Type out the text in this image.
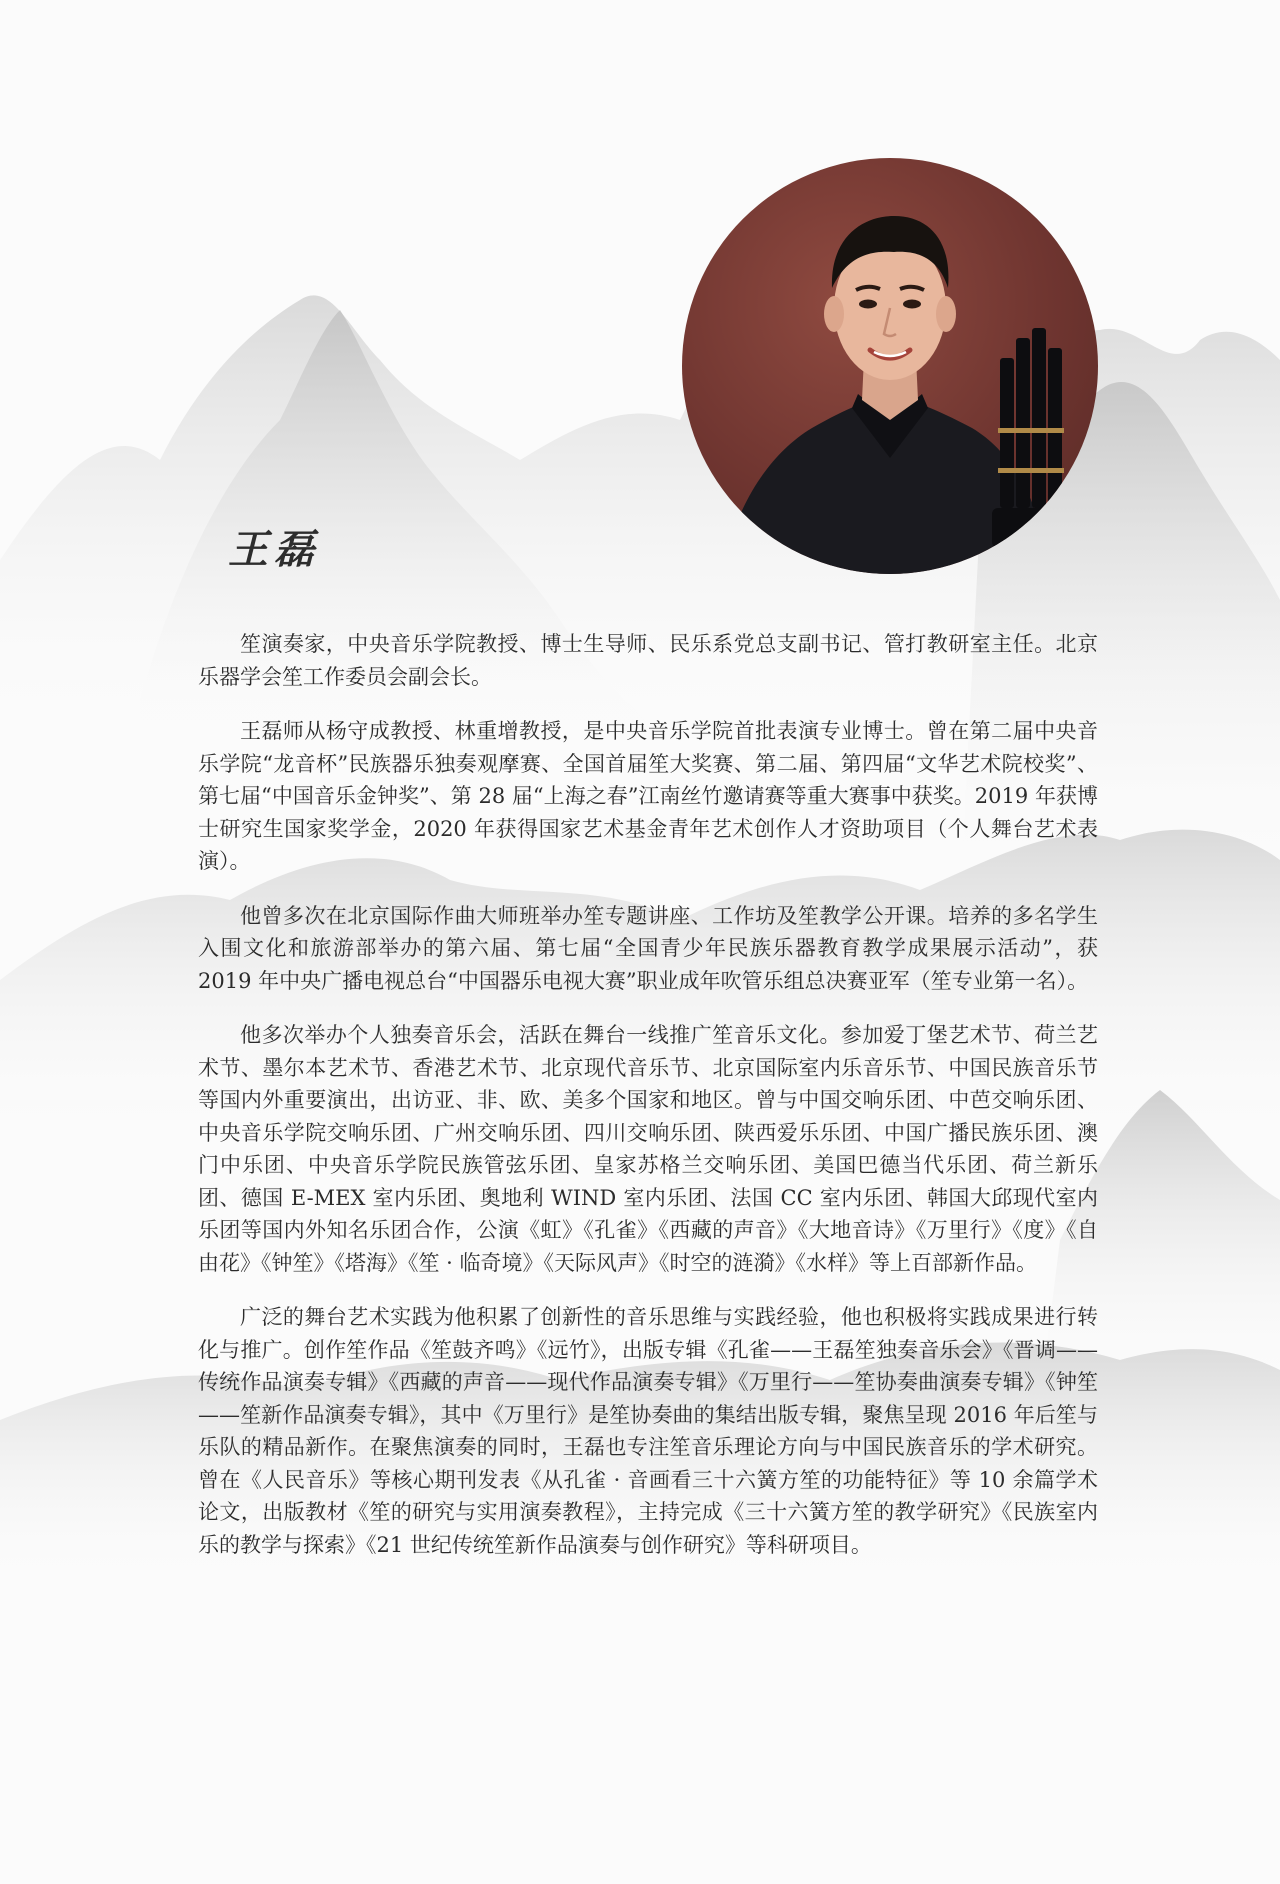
王磊

笙演奏家，中央音乐学院教授、博士生导师、民乐系党总支副书记、管打教研室主任。北京乐器学会笙工作委员会副会长。

王磊师从杨守成教授、林重增教授，是中央音乐学院首批表演专业博士。曾在第二届中央音乐学院“龙音杯”民族器乐独奏观摩赛、全国首届笙大奖赛、第二届、第四届“文华艺术院校奖”、第七届“中国音乐金钟奖”、第 28 届“上海之春”江南丝竹邀请赛等重大赛事中获奖。2019 年获博士研究生国家奖学金，2020 年获得国家艺术基金青年艺术创作人才资助项目（个人舞台艺术表演）。

他曾多次在北京国际作曲大师班举办笙专题讲座、工作坊及笙教学公开课。培养的多名学生入围文化和旅游部举办的第六届、第七届“全国青少年民族乐器教育教学成果展示活动”，获 2019 年中央广播电视总台“中国器乐电视大赛”职业成年吹管乐组总决赛亚军（笙专业第一名）。

他多次举办个人独奏音乐会，活跃在舞台一线推广笙音乐文化。参加爱丁堡艺术节、荷兰艺术节、墨尔本艺术节、香港艺术节、北京现代音乐节、北京国际室内乐音乐节、中国民族音乐节等国内外重要演出，出访亚、非、欧、美多个国家和地区。曾与中国交响乐团、中芭交响乐团、中央音乐学院交响乐团、广州交响乐团、四川交响乐团、陕西爱乐乐团、中国广播民族乐团、澳门中乐团、中央音乐学院民族管弦乐团、皇家苏格兰交响乐团、美国巴德当代乐团、荷兰新乐团、德国 E-MEX 室内乐团、奥地利 WIND 室内乐团、法国 CC 室内乐团、韩国大邱现代室内乐团等国内外知名乐团合作，公演《虹》《孔雀》《西藏的声音》《大地音诗》《万里行》《度》《自由花》《钟笙》《塔海》《笙 · 临奇境》《天际风声》《时空的涟漪》《水样》等上百部新作品。

广泛的舞台艺术实践为他积累了创新性的音乐思维与实践经验，他也积极将实践成果进行转化与推广。创作笙作品《笙鼓齐鸣》《远竹》，出版专辑《孔雀——王磊笙独奏音乐会》《晋调——传统作品演奏专辑》《西藏的声音——现代作品演奏专辑》《万里行——笙协奏曲演奏专辑》《钟笙——笙新作品演奏专辑》，其中《万里行》是笙协奏曲的集结出版专辑，聚焦呈现 2016 年后笙与乐队的精品新作。在聚焦演奏的同时，王磊也专注笙音乐理论方向与中国民族音乐的学术研究。曾在《人民音乐》等核心期刊发表《从孔雀 · 音画看三十六簧方笙的功能特征》等 10 余篇学术论文，出版教材《笙的研究与实用演奏教程》，主持完成《三十六簧方笙的教学研究》《民族室内乐的教学与探索》《21 世纪传统笙新作品演奏与创作研究》等科研项目。
